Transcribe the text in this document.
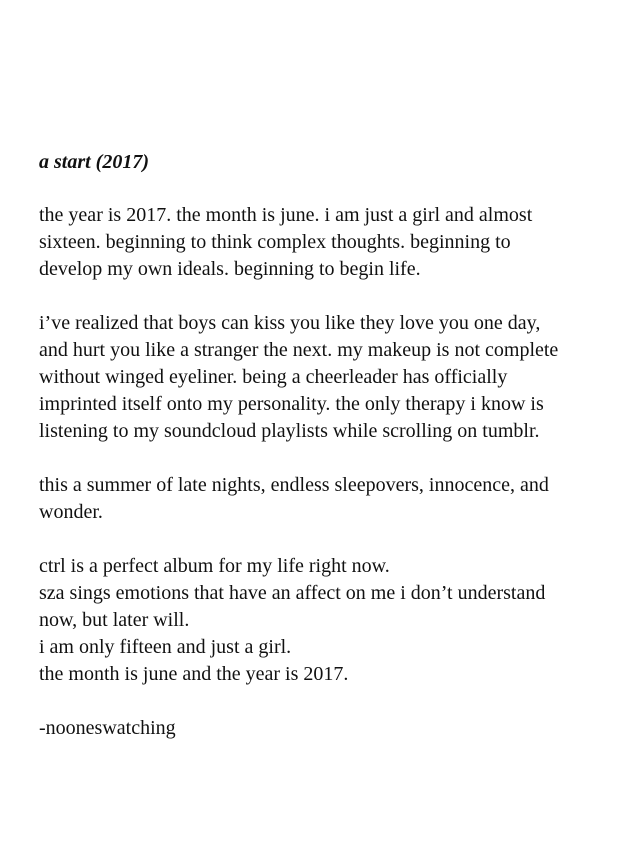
a start (2017)
the year is 2017. the month is june. i am just a girl and almost
sixteen. beginning to think complex thoughts. beginning to
develop my own ideals. beginning to begin life.
i’ve realized that boys can kiss you like they love you one day,
and hurt you like a stranger the next. my makeup is not complete
without winged eyeliner. being a cheerleader has officially
imprinted itself onto my personality. the only therapy i know is
listening to my soundcloud playlists while scrolling on tumblr.
this a summer of late nights, endless sleepovers, innocence, and
wonder.
ctrl is a perfect album for my life right now.
sza sings emotions that have an affect on me i don’t understand
now, but later will.
i am only fifteen and just a girl.
the month is june and the year is 2017.
-nooneswatching
